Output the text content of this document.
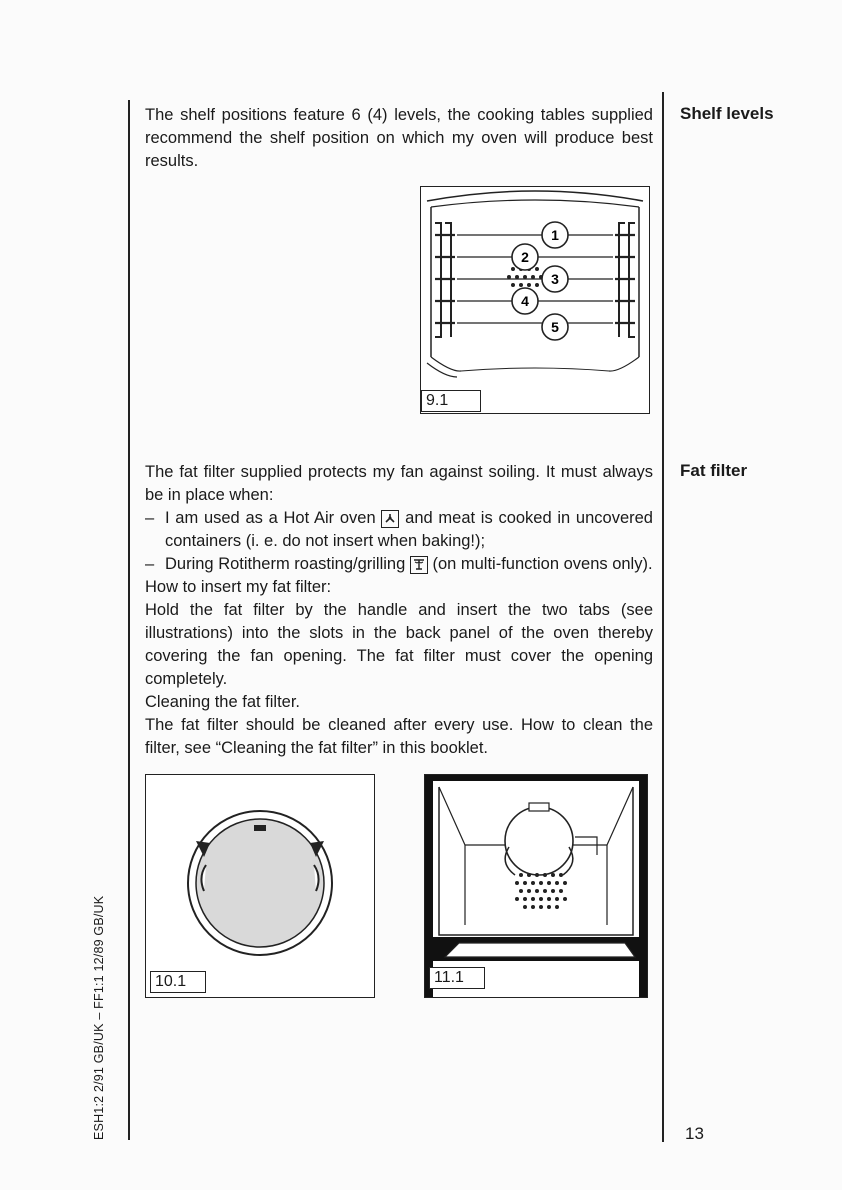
Shelf levels

The shelf positions feature 6 (4) levels, the cooking tables supplied recommend the shelf position on which my oven will produce best results.

1
2
3
4
5
9.1
Fat filter

The fat filter supplied protects my fan against soiling. It must always be in place when:

– I am used as a Hot Air oven and meat is cooked in uncovered containers (i. e. do not insert when baking!);
– During Rotitherm roasting/grilling (on multi-function ovens only).

How to insert my fat filter:

Hold the fat filter by the handle and insert the two tabs (see illustrations) into the slots in the back panel of the oven thereby covering the fan opening. The fat filter must cover the opening completely.

Cleaning the fat filter.

The fat filter should be cleaned after every use. How to clean the filter, see “Cleaning the fat filter” in this booklet.

10.1	11.1
ESH1:2 2/91 GB/UK – FF1:1 12/89 GB/UK	13
